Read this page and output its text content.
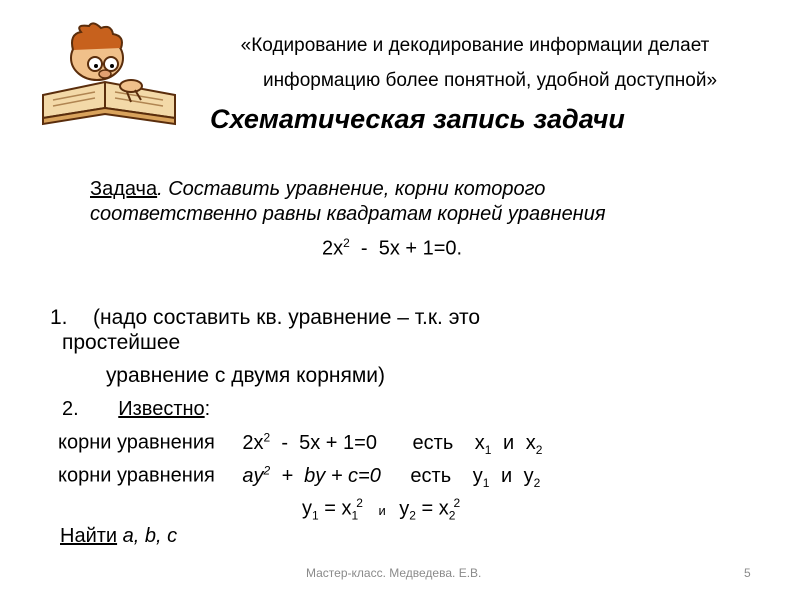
«Кодирование и декодирование информации делает
информацию более понятной, удобной доступной»
Схематическая запись задачи
Задача. Составить уравнение, корни которого
соответственно равны квадратам корней уравнения
$2x^2 - 5x + 1=0$.
1. (надо составить кв. уравнение – т.к. это
простейшее
уравнение с двумя корнями)
2. Известно:
корни уравнения $2x^2 - 5x + 1=0$ есть $x_1$ и $x_2$
корни уравнения $ay^2$  +  by + c=0 есть $y_1$ и $y_2$
$y_1 = x_1^2$ и $y_2 = x_2^2$
Найти a, b, c
Мастер-класс. Медведева. Е.В.	5
